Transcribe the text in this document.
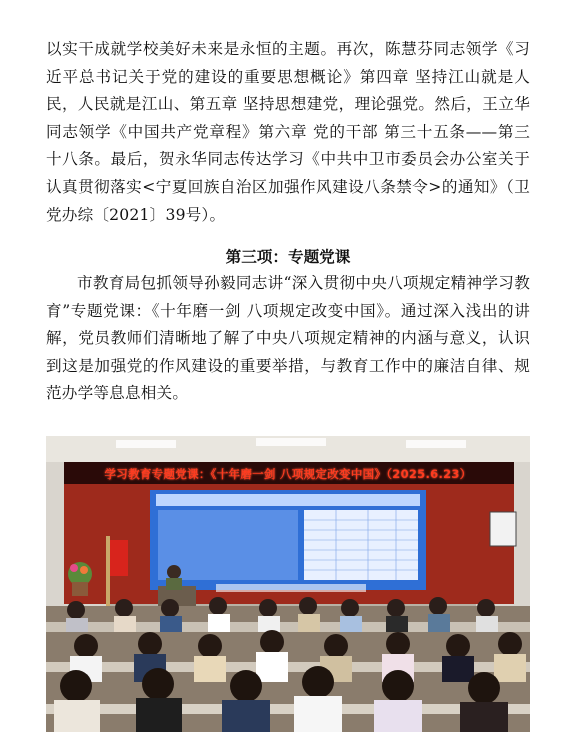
以实干成就学校美好未来是永恒的主题。再次，陈慧芬同志领学《习近平总书记关于党的建设的重要思想概论》第四章 坚持江山就是人民，人民就是江山、第五章 坚持思想建党，理论强党。然后，王立华同志领学《中国共产党章程》第六章 党的干部 第三十五条——第三十八条。最后，贺永华同志传达学习《中共中卫市委员会办公室关于认真贯彻落实<宁夏回族自治区加强作风建设八条禁令>的通知》（卫党办综〔2021〕39号）。

第三项：专题党课

市教育局包抓领导孙毅同志讲“深入贯彻中央八项规定精神学习教育”专题党课：《十年磨一剑 八项规定改变中国》。通过深入浅出的讲解，党员教师们清晰地了解了中央八项规定精神的内涵与意义，认识到这是加强党的作风建设的重要举措，与教育工作中的廉洁自律、规范办学等息息相关。

学习教育专题党课：《十年磨一剑 八项规定改变中国》（2025.6.23）
